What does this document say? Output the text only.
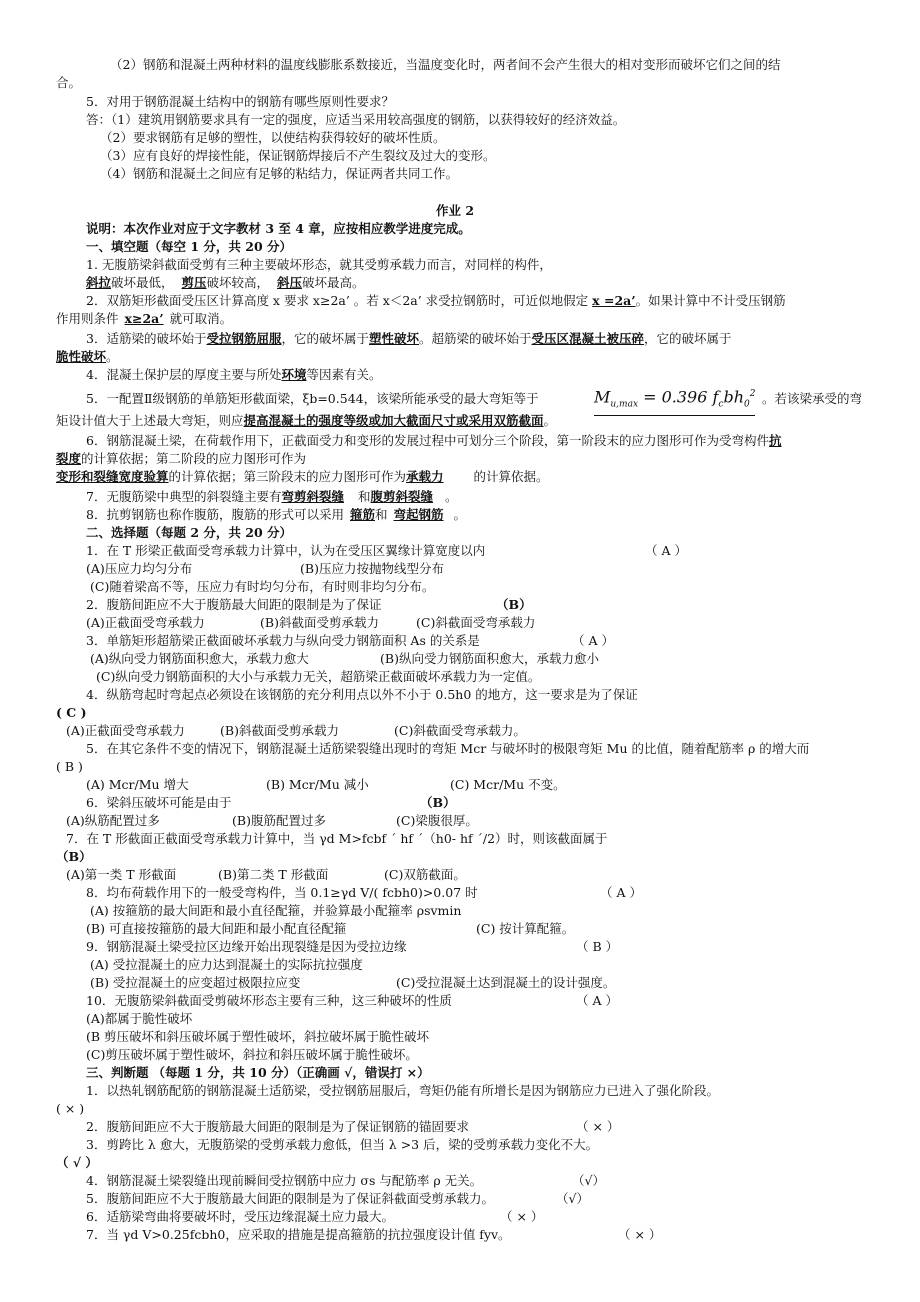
（2）钢筋和混凝土两种材料的温度线膨胀系数接近，当温度变化时，两者间不会产生很大的相对变形而破坏它们之间的结
合。
5．对用于钢筋混凝土结构中的钢筋有哪些原则性要求？
答：（1）建筑用钢筋要求具有一定的强度，应适当采用较高强度的钢筋，以获得较好的经济效益。
（2）要求钢筋有足够的塑性，以使结构获得较好的破坏性质。
（3）应有良好的焊接性能，保证钢筋焊接后不产生裂纹及过大的变形。
（4）钢筋和混凝土之间应有足够的粘结力，保证两者共同工作。
作业 2
说明：本次作业对应于文字教材 3 至 4 章，应按相应教学进度完成。
一、填空题（每空 1 分，共 20 分）
1. 无腹筋梁斜截面受剪有三种主要破坏形态，就其受剪承载力而言，对同样的构件，
斜拉破坏最低， 剪压破坏较高， 斜压破坏最高。
2．双筋矩形截面受压区计算高度 x 要求 x≥2a’ 。若 x＜2a’ 求受拉钢筋时，可近似地假定 x =2a’。如果计算中不计受压钢筋
作用则条件 x≥2a’ 就可取消。
3．适筋梁的破坏始于受拉钢筋屈服，它的破坏属于塑性破坏。超筋梁的破坏始于受压区混凝土被压碎，它的破坏属于
脆性破坏。
4．混凝土保护层的厚度主要与所处环境等因素有关。
5．一配置Ⅱ级钢筋的单筋矩形截面梁，ξb=0.544，该梁所能承受的最大弯矩等于	$M_{u,max} = 0.396$ $f_cbh_0^2$ 。若该梁承受的弯
矩设计值大于上述最大弯矩，则应提高混凝土的强度等级或加大截面尺寸或采用双筋截面。
6．钢筋混凝土梁，在荷载作用下，正截面受力和变形的发展过程中可划分三个阶段，第一阶段末的应力图形可作为受弯构件抗
裂度的计算依据；第二阶段的应力图形可作为
变形和裂缝宽度验算的计算依据；第三阶段末的应力图形可作为承载力 的计算依据。
7．无腹筋梁中典型的斜裂缝主要有弯剪斜裂缝 和腹剪斜裂缝 。
8．抗剪钢筋也称作腹筋，腹筋的形式可以采用 箍筋和 弯起钢筋 。
二、选择题（每题 2 分，共 20 分）
1．在 T 形梁正截面受弯承载力计算中，认为在受压区翼缘计算宽度以内	（ A ）
(A)压应力均匀分布	(B)压应力按抛物线型分布
(C)随着梁高不等，压应力有时均匀分布，有时则非均匀分布。
2．腹筋间距应不大于腹筋最大间距的限制是为了保证	（B）
(A)正截面受弯承载力	(B)斜截面受剪承载力	(C)斜截面受弯承载力
3．单筋矩形超筋梁正截面破坏承载力与纵向受力钢筋面积 As 的关系是	（ A ）
(A)纵向受力钢筋面积愈大，承载力愈大	(B)纵向受力钢筋面积愈大，承载力愈小
(C)纵向受力钢筋面积的大小与承载力无关，超筋梁正截面破坏承载力为一定值。
4．纵筋弯起时弯起点必须设在该钢筋的充分利用点以外不小于 0.5h0 的地方，这一要求是为了保证
( C )
(A)正截面受弯承载力	(B)斜截面受剪承载力	(C)斜截面受弯承载力。
5．在其它条件不变的情况下，钢筋混凝土适筋梁裂缝出现时的弯矩 Mcr 与破坏时的极限弯矩 Mu 的比值，随着配筋率 ρ 的增大而
( B )
(A) Mcr/Mu 增大	(B) Mcr/Mu 减小	(C) Mcr/Mu 不变。
6．梁斜压破坏可能是由于	（B）
(A)纵筋配置过多	(B)腹筋配置过多	(C)梁腹很厚。
7．在 T 形截面正截面受弯承载力计算中，当 γd M>fcbf ´ hf ´（h0- hf ´/2）时，则该截面属于
（B）
(A)第一类 T 形截面	(B)第二类 T 形截面	(C)双筋截面。
8．均布荷载作用下的一般受弯构件，当 0.1≥γd V/( fcbh0)>0.07 时	（ A ）
(A) 按箍筋的最大间距和最小直径配箍，并验算最小配箍率 ρsvmin
(B) 可直接按箍筋的最大间距和最小配直径配箍	(C) 按计算配箍。
9．钢筋混凝土梁受拉区边缘开始出现裂缝是因为受拉边缘	（ B ）
(A) 受拉混凝土的应力达到混凝土的实际抗拉强度
(B) 受拉混凝土的应变超过极限拉应变	(C)受拉混凝土达到混凝土的设计强度。
10．无腹筋梁斜截面受剪破坏形态主要有三种，这三种破坏的性质	（ A ）
(A)都属于脆性破坏
(B 剪压破坏和斜压破坏属于塑性破坏，斜拉破坏属于脆性破坏
(C)剪压破坏属于塑性破坏，斜拉和斜压破坏属于脆性破坏。
三、判断题 （每题 1 分，共 10 分）（正确画 √，错误打 ×）
1．以热轧钢筋配筋的钢筋混凝土适筋梁，受拉钢筋屈服后，弯矩仍能有所增长是因为钢筋应力已进入了强化阶段。
( × )
2．腹筋间距应不大于腹筋最大间距的限制是为了保证钢筋的锚固要求	（ × ）
3．剪跨比 λ 愈大，无腹筋梁的受剪承载力愈低，但当 λ >3 后，梁的受剪承载力变化不大。
（ √ ）
4．钢筋混凝土梁裂缝出现前瞬间受拉钢筋中应力 σs 与配筋率 ρ 无关。	（√）
5．腹筋间距应不大于腹筋最大间距的限制是为了保证斜截面受剪承载力。	（√）
6．适筋梁弯曲将要破坏时，受压边缘混凝土应力最大。	（ × ）
7．当 γd V>0.25fcbh0，应采取的措施是提高箍筋的抗拉强度设计值 fyv。	（ × ）
